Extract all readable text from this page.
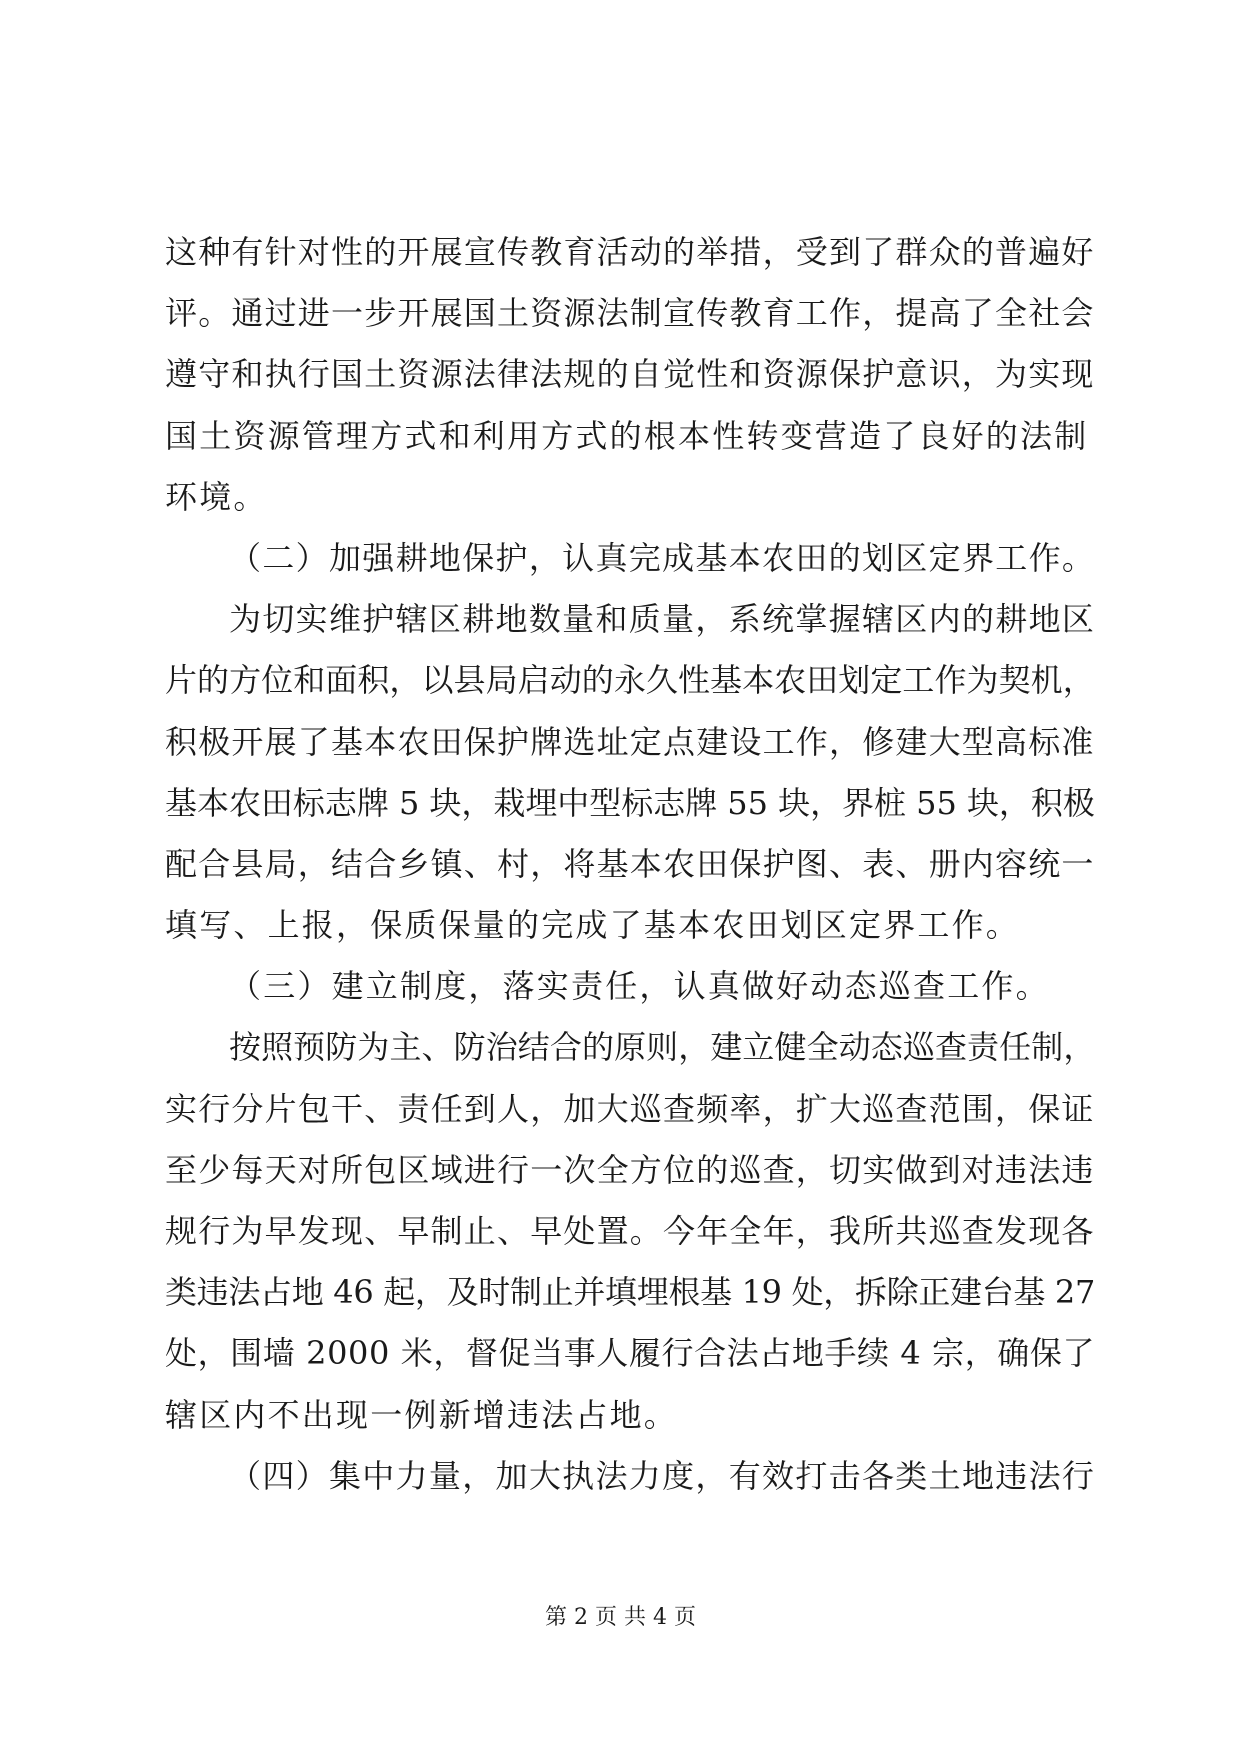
这种有针对性的开展宣传教育活动的举措，受到了群众的普遍好
评。通过进一步开展国土资源法制宣传教育工作，提高了全社会
遵守和执行国土资源法律法规的自觉性和资源保护意识，为实现
国土资源管理方式和利用方式的根本性转变营造了良好的法制
环境。
（二）加强耕地保护，认真完成基本农田的划区定界工作。
为切实维护辖区耕地数量和质量，系统掌握辖区内的耕地区
片的方位和面积，以县局启动的永久性基本农田划定工作为契机，
积极开展了基本农田保护牌选址定点建设工作，修建大型高标准
基本农田标志牌 5 块，栽埋中型标志牌 55 块，界桩 55 块，积极
配合县局，结合乡镇、村，将基本农田保护图、表、册内容统一
填写、上报，保质保量的完成了基本农田划区定界工作。
（三）建立制度，落实责任，认真做好动态巡查工作。
按照预防为主、防治结合的原则，建立健全动态巡查责任制，
实行分片包干、责任到人，加大巡查频率，扩大巡查范围，保证
至少每天对所包区域进行一次全方位的巡查，切实做到对违法违
规行为早发现、早制止、早处置。今年全年，我所共巡查发现各
类违法占地 46 起，及时制止并填埋根基 19 处，拆除正建台基 27
处，围墙 2000 米，督促当事人履行合法占地手续 4 宗，确保了
辖区内不出现一例新增违法占地。
（四）集中力量，加大执法力度，有效打击各类土地违法行
第 2 页 共 4 页
